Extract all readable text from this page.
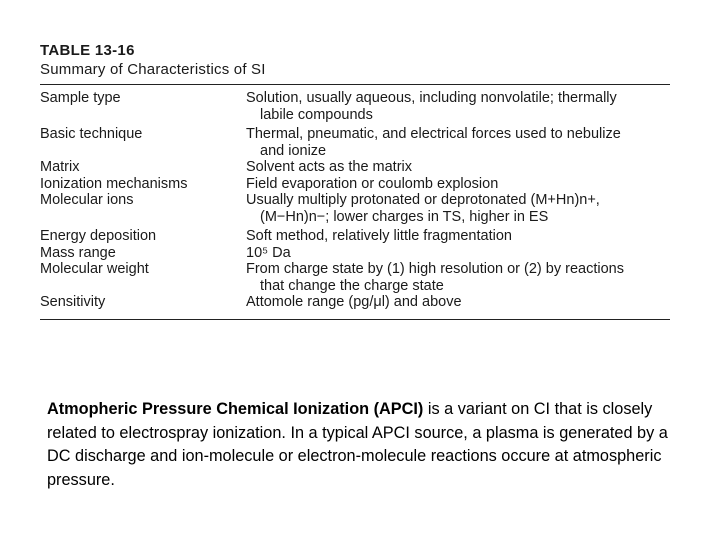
TABLE 13-16
Summary of Characteristics of SI
Sample type	Solution, usually aqueous, including nonvolatile; thermally
labile compounds
Basic technique	Thermal, pneumatic, and electrical forces used to nebulize
and ionize
Matrix	Solvent acts as the matrix
Ionization mechanisms	Field evaporation or coulomb explosion
Molecular ions	Usually multiply protonated or deprotonated (M+Hn)n+,
(M−Hn)n−; lower charges in TS, higher in ES
Energy deposition	Soft method, relatively little fragmentation
Mass range	10⁵ Da
Molecular weight	From charge state by (1) high resolution or (2) by reactions
that change the charge state
Sensitivity	Attomole range (pg/μl) and above
Atmopheric Pressure Chemical Ionization (APCI) is a variant on CI that is closely related to electrospray ionization. In a typical APCI source, a plasma is generated by a DC discharge and ion-molecule or electron-molecule reactions occure at atmospheric pressure.
